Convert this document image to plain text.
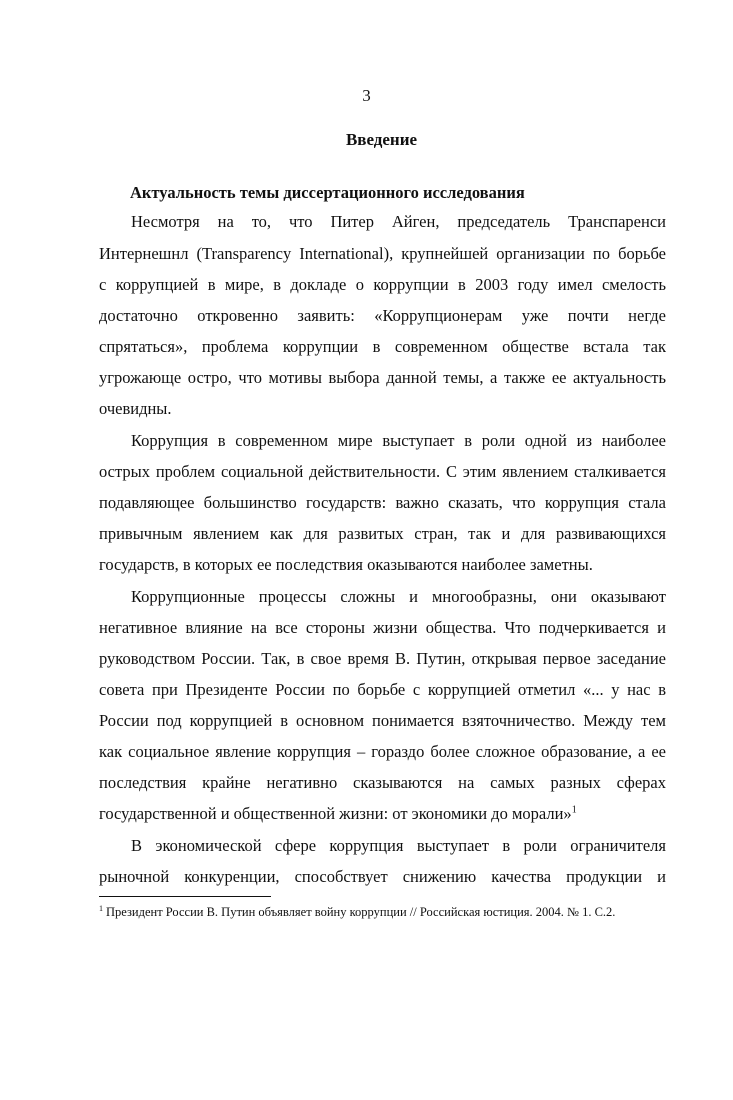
3
Введение
Актуальность темы диссертационного исследования
Несмотря на то, что Питер Айген, председатель Транспаренси
Интернешнл (Transparency International), крупнейшей организации по борьбе
с коррупцией в мире, в докладе о коррупции в 2003 году имел смелость
достаточно откровенно заявить: «Коррупционерам уже почти негде
спрятаться», проблема коррупции в современном обществе встала так
угрожающе остро, что мотивы выбора данной темы, а также ее актуальность
очевидны.
Коррупция в современном мире выступает в роли одной из наиболее
острых проблем социальной действительности. С этим явлением сталкивается
подавляющее большинство государств: важно сказать, что коррупция стала
привычным явлением как для развитых стран, так и для развивающихся
государств, в которых ее последствия оказываются наиболее заметны.
Коррупционные процессы сложны и многообразны, они оказывают
негативное влияние на все стороны жизни общества. Что подчеркивается и
руководством России. Так, в свое время В. Путин, открывая первое заседание
совета при Президенте России по борьбе с коррупцией отметил «... у нас в
России под коррупцией в основном понимается взяточничество. Между тем
как социальное явление коррупция – гораздо более сложное образование, а ее
последствия крайне негативно сказываются на самых разных сферах
государственной и общественной жизни: от экономики до морали»$^1$
В экономической сфере коррупция выступает в роли ограничителя
рыночной конкуренции, способствует снижению качества продукции и
$^1$ Президент России В. Путин объявляет войну коррупции // Российская юстиция. 2004. № 1. С.2.
